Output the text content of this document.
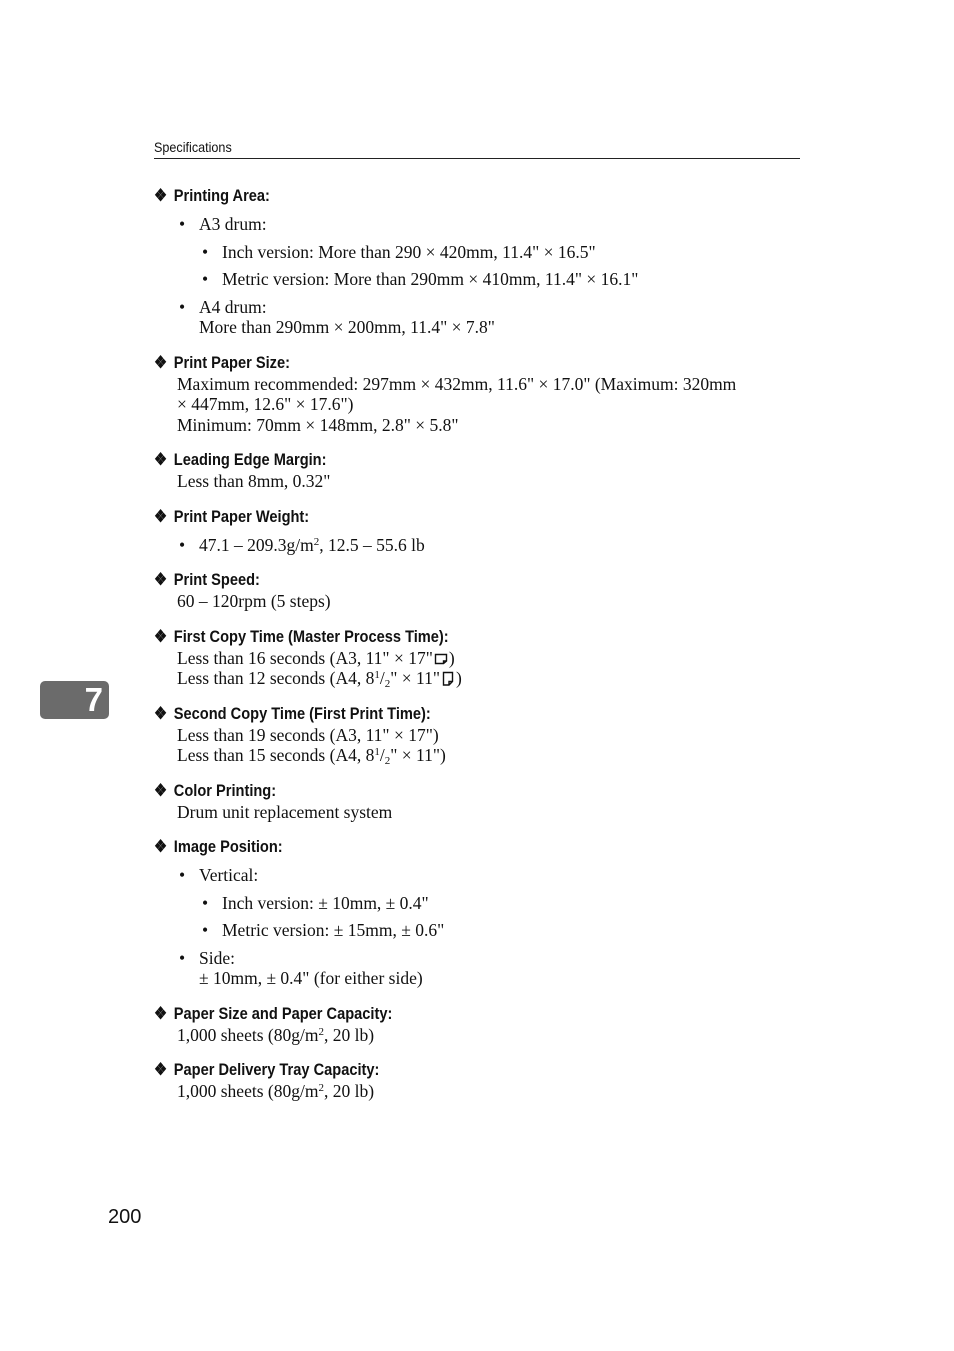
Specifications
7
❖ Printing Area:
• A3 drum:
• Inch version: More than 290 × 420mm, 11.4" × 16.5"
• Metric version: More than 290mm × 410mm, 11.4" × 16.1"
• A4 drum:
More than 290mm × 200mm, 11.4" × 7.8"
❖ Print Paper Size:
Maximum recommended: 297mm × 432mm, 11.6" × 17.0" (Maximum: 320mm
× 447mm, 12.6" × 17.6")
Minimum: 70mm × 148mm, 2.8" × 5.8"
❖ Leading Edge Margin:
Less than 8mm, 0.32"
❖ Print Paper Weight:
• $47.1 - 209.3g/m^2$, 12.5 – 55.6 lb
❖ Print Speed:
60 – 120rpm (5 steps)
❖ First Copy Time (Master Process Time):
Less than 16 seconds (A3, 11" × 17" )
Less than 12 seconds (A4, $8^1/_2$" × 11" )
❖ Second Copy Time (First Print Time):
Less than 19 seconds (A3, 11" × 17")
Less than 15 seconds (A4, $8^1/_2$" × 11")
❖ Color Printing:
Drum unit replacement system
❖ Image Position:
• Vertical:
• Inch version: ± 10mm, ± 0.4"
• Metric version: ± 15mm, ± 0.6"
• Side:
± 10mm, ± 0.4" (for either side)
❖ Paper Size and Paper Capacity:
1,000 sheets ($80g/m^2$, 20 lb)
❖ Paper Delivery Tray Capacity:
1,000 sheets ($80g/m^2$, 20 lb)
200
